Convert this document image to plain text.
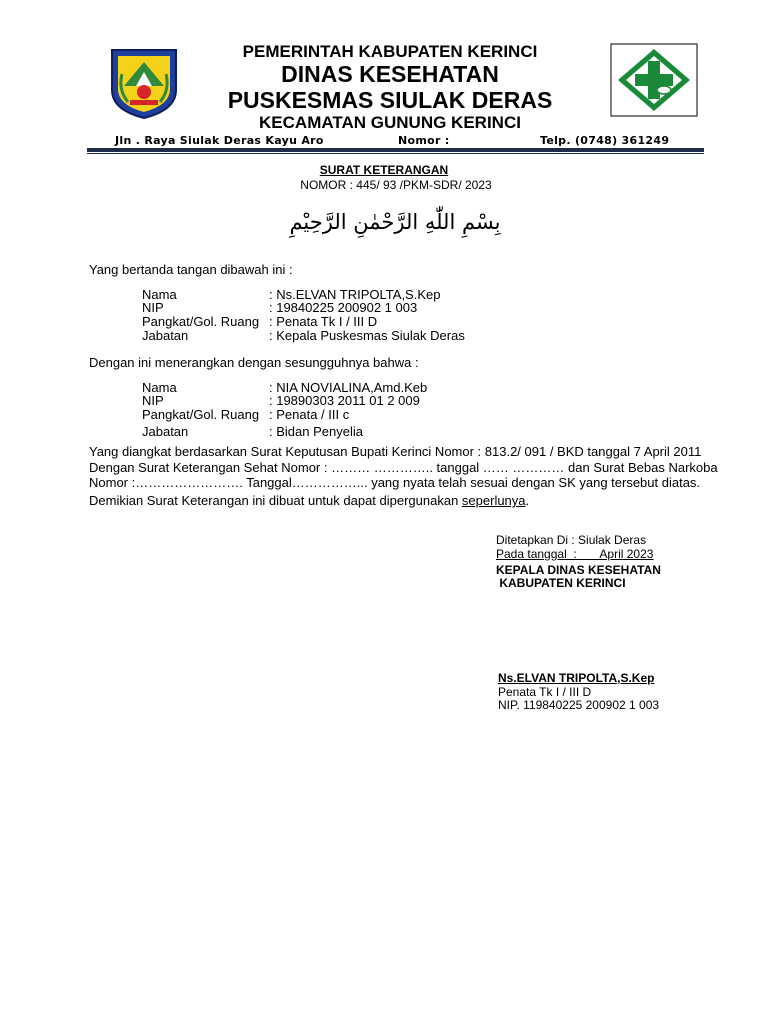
PEMERINTAH KABUPATEN KERINCI
DINAS KESEHATAN
PUSKESMAS SIULAK DERAS
KECAMATAN GUNUNG KERINCI
Jln . Raya Siulak Deras Kayu Aro	Nomor :	Telp. (0748) 361249
SURAT KETERANGAN
NOMOR : 445/ 93 /PKM-SDR/ 2023
بِسْمِ اللّٰهِ الرَّحْمٰنِ الرَّحِيْمِ
Yang bertanda tangan dibawah ini :
Nama	: Ns.ELVAN TRIPOLTA,S.Kep
NIP	: 19840225 200902 1 003
Pangkat/Gol. Ruang : Penata Tk I / III D
Jabatan	: Kepala Puskesmas Siulak Deras
Dengan ini menerangkan dengan sesungguhnya bahwa :
Nama	: NIA NOVIALINA,Amd.Keb
NIP	: 19890303 2011 01 2 009
Pangkat/Gol. Ruang : Penata / III c
Jabatan	: Bidan Penyelia
Yang diangkat berdasarkan Surat Keputusan Bupati Kerinci Nomor : 813.2/ 091 / BKD tanggal 7 April 2011
Dengan Surat Keterangan Sehat Nomor : ……… ………….. tanggal …… ………… dan Surat Bebas Narkoba
Nomor :……………………. Tanggal……………... yang nyata telah sesuai dengan SK yang tersebut diatas.
Demikian Surat Keterangan ini dibuat untuk dapat dipergunakan seperlunya.
Ditetapkan Di : Siulak Deras
Pada tanggal  :       April 2023
KEPALA DINAS KESEHATAN
KABUPATEN KERINCI
Ns.ELVAN TRIPOLTA,S.Kep
Penata Tk I / III D
NIP. 119840225 200902 1 003
